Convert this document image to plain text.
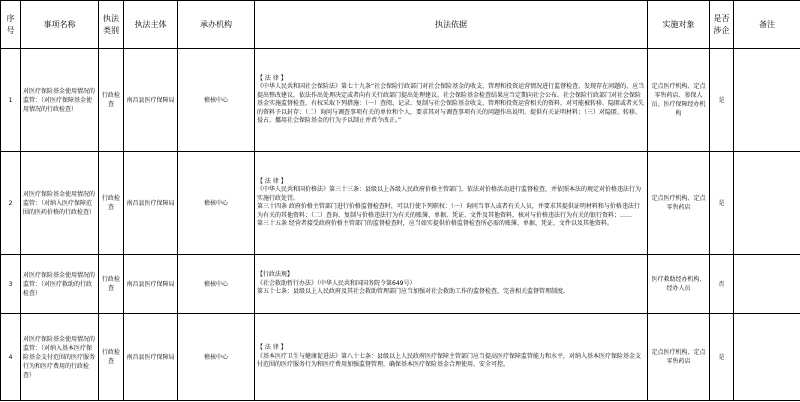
序
号	事项名称	执法
类别	执法主体	承办机构	执法依据	实施对象	是否
涉企	备注
1	对医疗保险基金使用情况的监管：（对医疗保障基金使用情况的行政检查）	行政检查	南昌县医疗保障局	稽核中心	【 法 律 】
《中华人民共和国社会保险法》第七十九条“社会保险行政部门对社会保险基金的收支、管理和投资运营情况进行监督检查，发现存在问题的，应当提出整改建议，依法作出处理决定或者向有关行政部门提出处理建议。社会保险基金检查结果应当定期向社会公布。社会保险行政部门对社会保险基金实施监督检查，有权采取下列措施：（一）查阅、记录、复制与社会保险基金收支、管理和投资运营相关的资料，对可能被转移、隐匿或者灭失的资料予以封存；（二）询问与调查事项有关的单位和个人，要求其对与调查事项有关的问题作出说明、提供有关证明材料；（三）对隐匿、转移、侵占、挪用社会保险基金的行为予以制止并责令改正。”	定点医疗机构、定点零售药店、参保人员、医疗保障经办机构	是	
2	对医疗保险基金使用情况的监管：（对纳入医疗保障范围的医药价格的行政检查）	行政检查	南昌县医疗保障局	稽核中心	【 法 律 】
《中华人民共和国价格法》第三十三条：县级以上各级人民政府价格主管部门，依法对价格活动进行监督检查，并依照本法的规定对价格违法行为实施行政处罚。
第三十四条 政府价格主管部门进行价格监督检查时，可以行使下列职权：（一）询问当事人或者有关人员，并要求其提供证明材料和与价格违法行为有关的其他资料；（二）查询、复制与价格违法行为有关的账簿、单据、凭证、文件及其他资料，核对与价格违法行为有关的银行资料；……
第三十五条 经营者接受政府价格主管部门的监督检查时，应当如实提供价格监督检查所必需的账簿、单据、凭证、文件以及其他资料。	定点医疗机构、定点零售药店	是	
3	对医疗保险基金使用情况的监管：（对医疗救助的行政检查）	行政检查	南昌县医疗保障局	稽核中心	【行政法规】
《社会救助暂行办法》（中华人民共和国国务院令第649号）
第五十七条：县级以上人民政府及其社会救助管理部门应当加强对社会救助工作的监督检查，完善相关监督管理制度。	医疗救助经办机构、经办人员	否	
4	对医疗保险基金使用情况的监管：（对纳入基本医疗保险基金支付范围的医疗服务行为和医疗费用的行政检查）	行政检查	南昌县医疗保障局	稽核中心	【 法 律 】
《基本医疗卫生与健康促进法》第八十七条：县级以上人民政府医疗保障主管部门应当提高医疗保障监管能力和水平，对纳入基本医疗保险基金支付范围的医疗服务行为和医疗费用加强监督管理，确保基本医疗保险基金合理使用、安全可控。	定点医疗机构、定点零售药店	是	
